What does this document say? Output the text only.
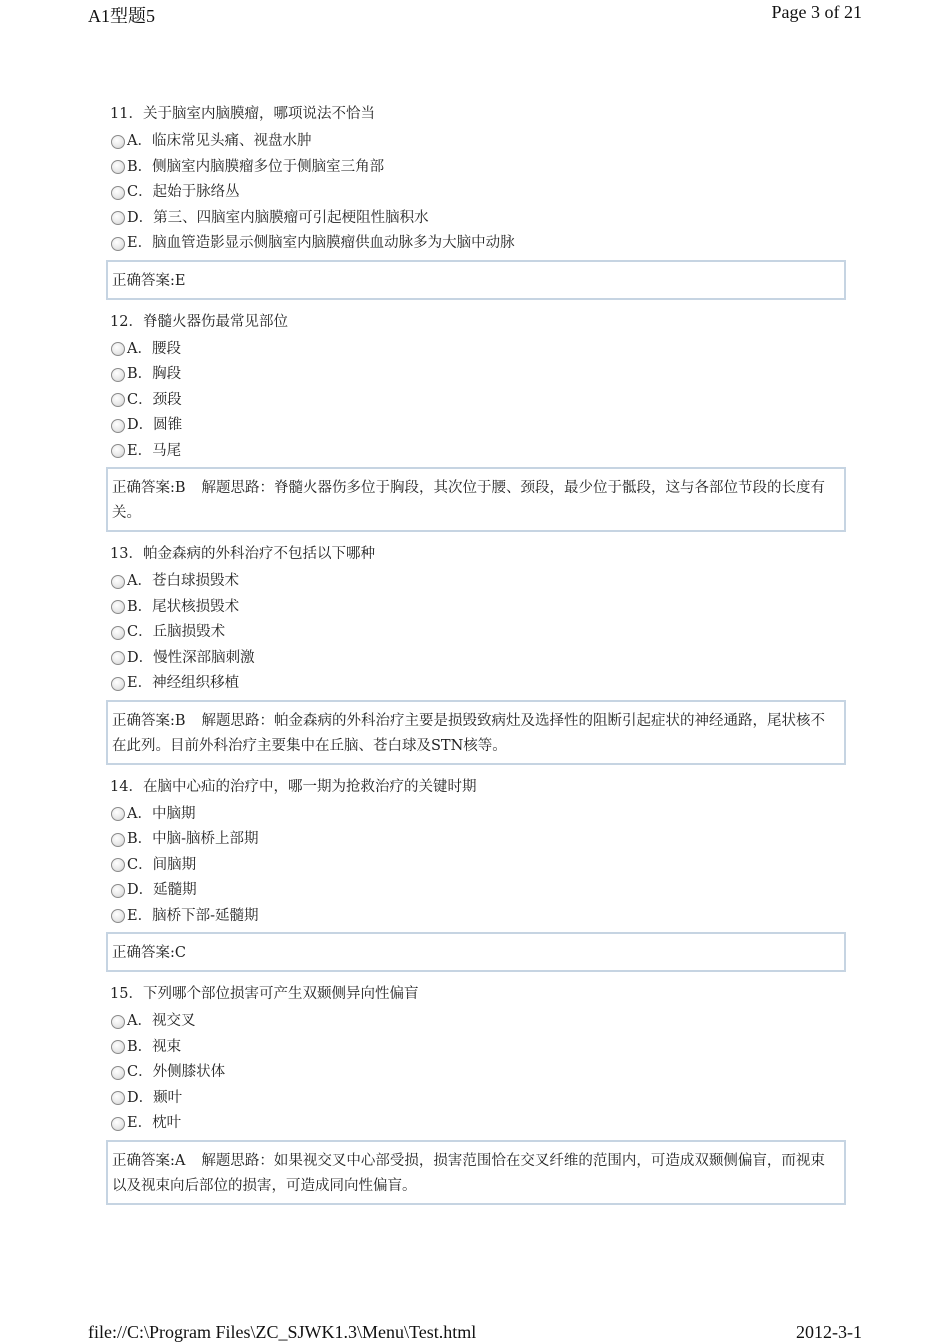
A1型题5	Page 3 of 21
11．关于脑室内脑膜瘤，哪项说法不恰当
A．临床常见头痛、视盘水肿
B．侧脑室内脑膜瘤多位于侧脑室三角部
C．起始于脉络丛
D．第三、四脑室内脑膜瘤可引起梗阻性脑积水
E．脑血管造影显示侧脑室内脑膜瘤供血动脉多为大脑中动脉
正确答案:E
12．脊髓火器伤最常见部位
A．腰段
B．胸段
C．颈段
D．圆锥
E．马尾
正确答案:B 解题思路：脊髓火器伤多位于胸段，其次位于腰、颈段，最少位于骶段，这与各部位节段的长度有关。
13．帕金森病的外科治疗不包括以下哪种
A．苍白球损毁术
B．尾状核损毁术
C．丘脑损毁术
D．慢性深部脑刺激
E．神经组织移植
正确答案:B 解题思路：帕金森病的外科治疗主要是损毁致病灶及选择性的阻断引起症状的神经通路，尾状核不在此列。目前外科治疗主要集中在丘脑、苍白球及STN核等。
14．在脑中心疝的治疗中，哪一期为抢救治疗的关键时期
A．中脑期
B．中脑-脑桥上部期
C．间脑期
D．延髓期
E．脑桥下部-延髓期
正确答案:C
15．下列哪个部位损害可产生双颞侧异向性偏盲
A．视交叉
B．视束
C．外侧膝状体
D．颞叶
E．枕叶
正确答案:A 解题思路：如果视交叉中心部受损，损害范围恰在交叉纤维的范围内，可造成双颞侧偏盲，而视束以及视束向后部位的损害，可造成同向性偏盲。
file://C:\Program Files\ZC_SJWK1.3\Menu\Test.html	2012-3-1
